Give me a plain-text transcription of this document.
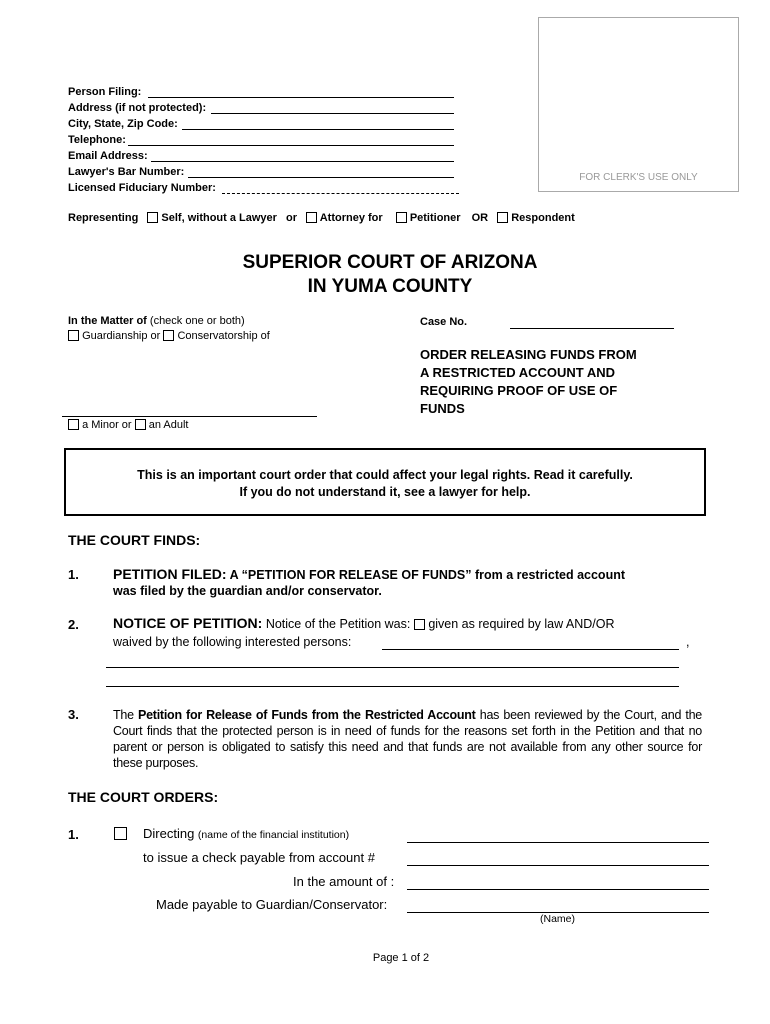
FOR CLERK'S USE ONLY
Person Filing:
Address (if not protected):
City, State, Zip Code:
Telephone:
Email Address:
Lawyer's Bar Number:
Licensed Fiduciary Number:
Representing Self, without a Lawyer or Attorney for Petitioner OR Respondent
SUPERIOR COURT OF ARIZONA
IN YUMA COUNTY
In the Matter of (check one or both)
Guardianship or Conservatorship of
a Minor or an Adult
Case No.
ORDER RELEASING FUNDS FROM
A RESTRICTED ACCOUNT AND
REQUIRING PROOF OF USE OF
FUNDS
This is an important court order that could affect your legal rights. Read it carefully.
If you do not understand it, see a lawyer for help.
THE COURT FINDS:
1. PETITION FILED: A “PETITION FOR RELEASE OF FUNDS” from a restricted account
was filed by the guardian and/or conservator.
2. NOTICE OF PETITION: Notice of the Petition was: given as required by law AND/OR
waived by the following interested persons:	,
3.	The Petition for Release of Funds from the Restricted Account has been reviewed by the Court, and the Court finds that the protected person is in need of funds for the reasons set forth in the Petition and that no parent or person is obligated to satisfy this need and that funds are not available from any other source for these purposes.
THE COURT ORDERS:
1.	Directing (name of the financial institution)
to issue a check payable from account #
In the amount of :
Made payable to Guardian/Conservator:
(Name)
Page 1 of 2
